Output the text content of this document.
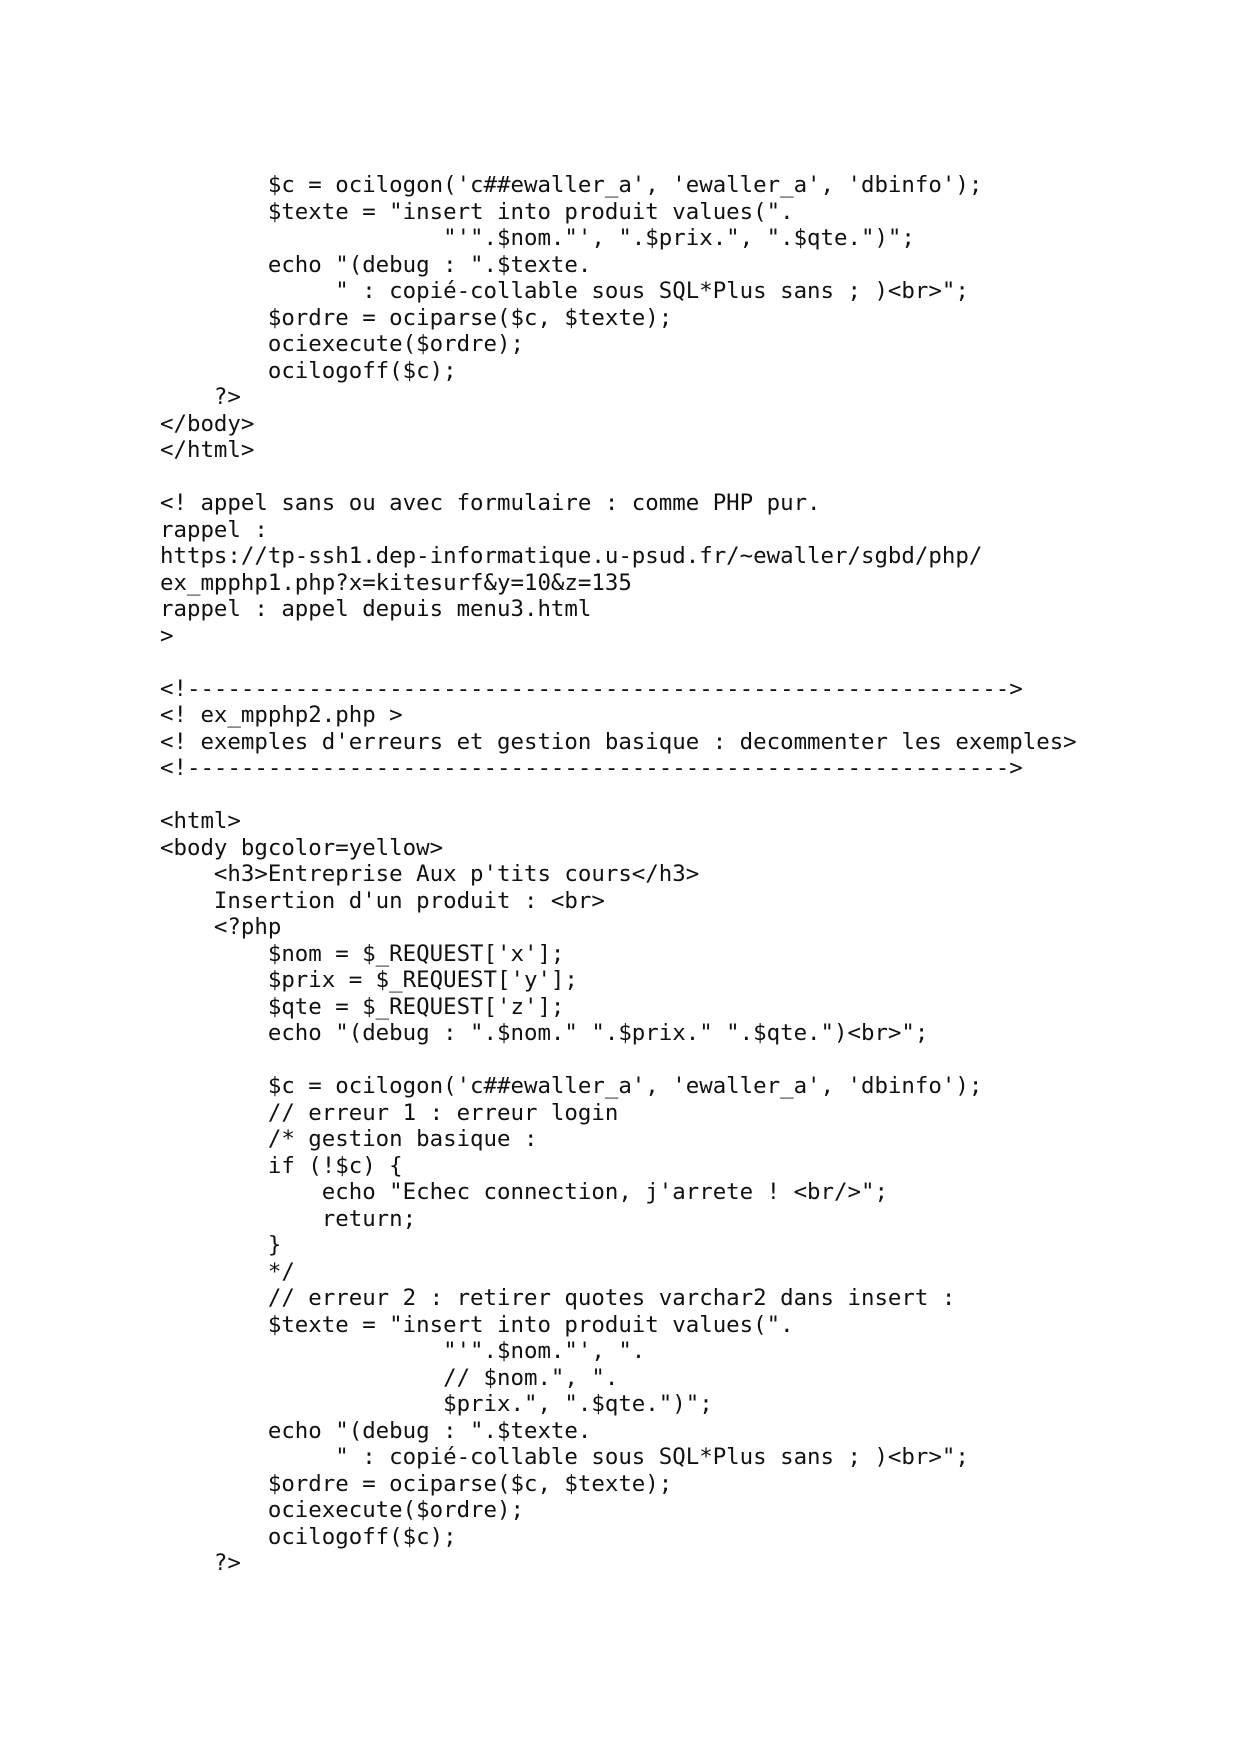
$c = ocilogon('c##ewaller_a', 'ewaller_a', 'dbinfo');
$texte = "insert into produit values(".
"'".$nom."', ".$prix.", ".$qte.")";
echo "(debug : ".$texte.
" : copié-collable sous SQL*Plus sans ; )<br>";
$ordre = ociparse($c, $texte);
ociexecute($ordre);
ocilogoff($c);
?>
</body>
</html>
<! appel sans ou avec formulaire : comme PHP pur.
rappel :
https://tp-ssh1.dep-informatique.u-psud.fr/~ewaller/sgbd/php/
ex_mpphp1.php?x=kitesurf&y=10&z=135
rappel : appel depuis menu3.html
>
<!------------------------------------------------------------->
<! ex_mpphp2.php >
<! exemples d'erreurs et gestion basique : decommenter les exemples>
<!------------------------------------------------------------->
<html>
<body bgcolor=yellow>
<h3>Entreprise Aux p'tits cours</h3>
Insertion d'un produit : <br>
<?php
$nom = $_REQUEST['x'];
$prix = $_REQUEST['y'];
$qte = $_REQUEST['z'];
echo "(debug : ".$nom." ".$prix." ".$qte.")<br>";
$c = ocilogon('c##ewaller_a', 'ewaller_a', 'dbinfo');
// erreur 1 : erreur login
/* gestion basique :
if (!$c) {
echo "Echec connection, j'arrete ! <br/>";
return;
}
*/
// erreur 2 : retirer quotes varchar2 dans insert :
$texte = "insert into produit values(".
"'".$nom."', ".
// $nom.", ".
$prix.", ".$qte.")";
echo "(debug : ".$texte.
" : copié-collable sous SQL*Plus sans ; )<br>";
$ordre = ociparse($c, $texte);
ociexecute($ordre);
ocilogoff($c);
?>
